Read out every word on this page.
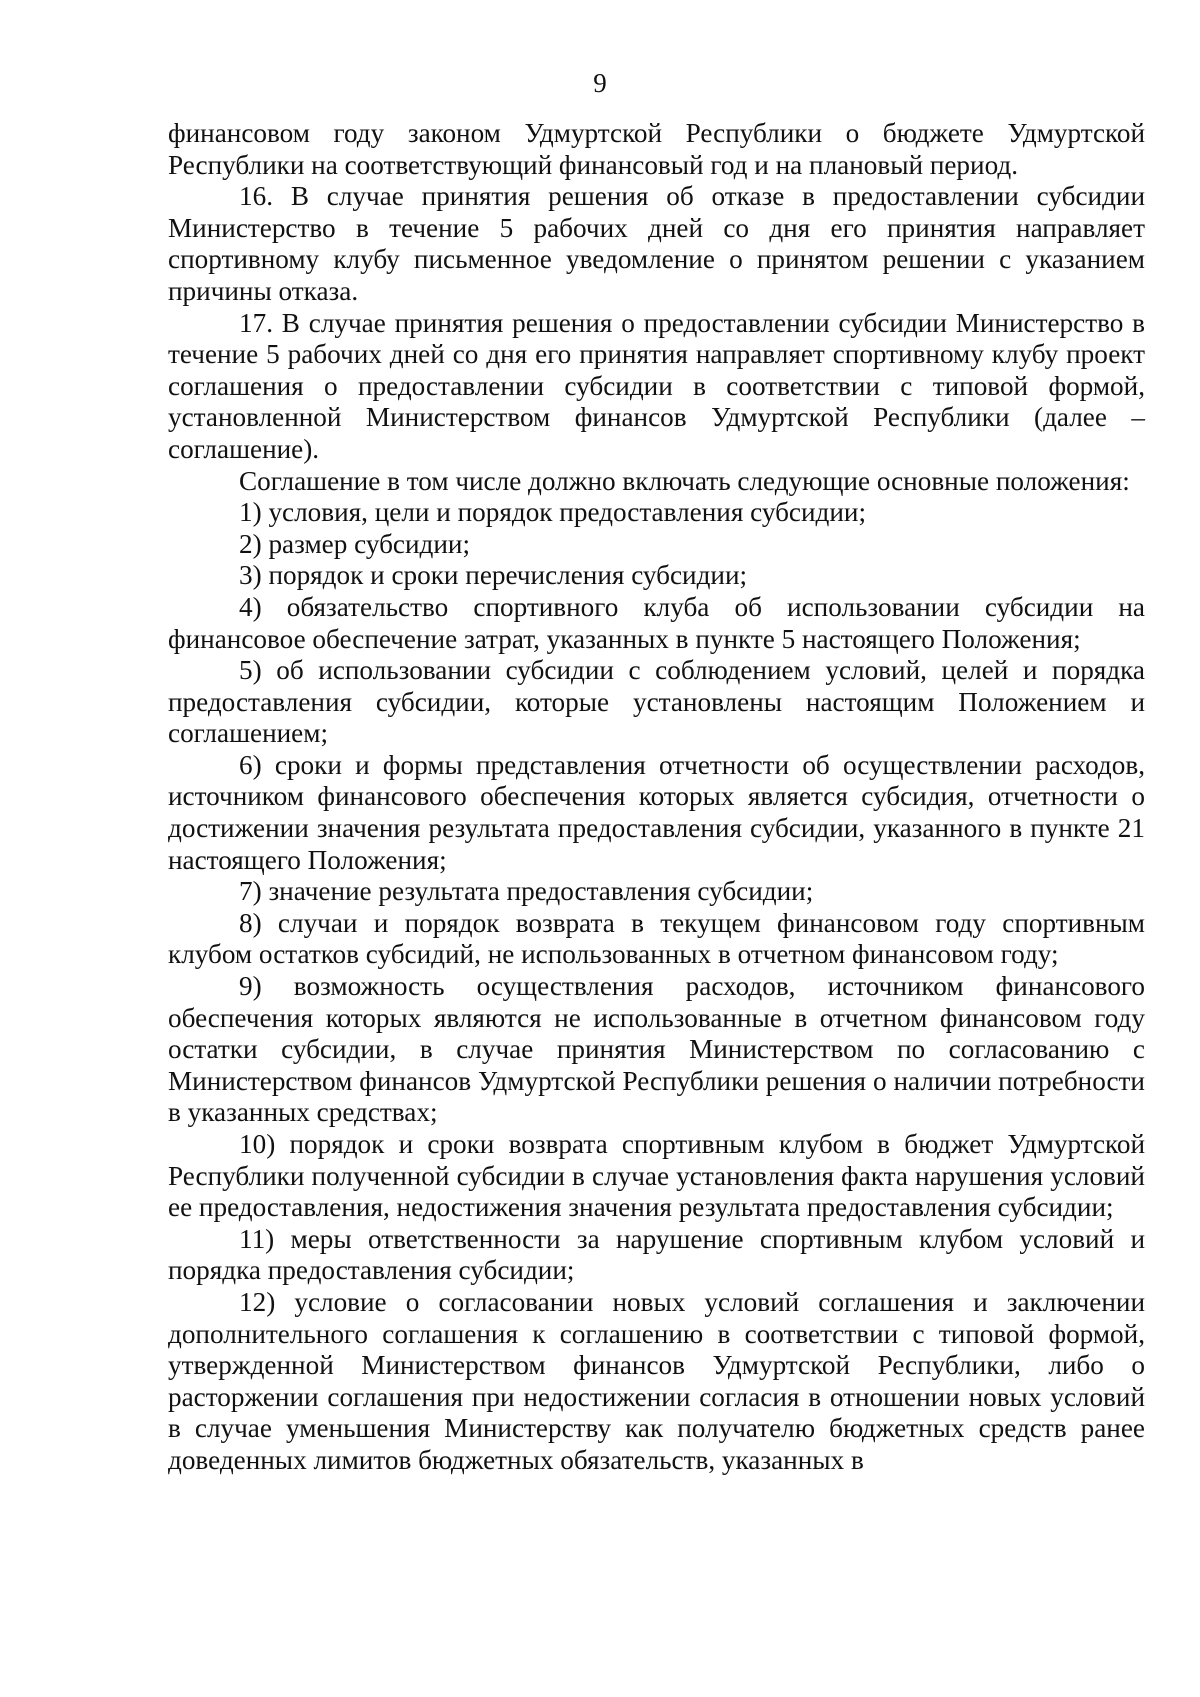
9

финансовом году законом Удмуртской Республики о бюджете Удмуртской Республики на соответствующий финансовый год и на плановый период.

16. В случае принятия решения об отказе в предоставлении субсидии Министерство в течение 5 рабочих дней со дня его принятия направляет спортивному клубу письменное уведомление о принятом решении с указанием причины отказа.

17. В случае принятия решения о предоставлении субсидии Министерство в течение 5 рабочих дней со дня его принятия направляет спортивному клубу проект соглашения о предоставлении субсидии в соответствии с типовой формой, установленной Министерством финансов Удмуртской Республики (далее – соглашение).

Соглашение в том числе должно включать следующие основные положения:

1) условия, цели и порядок предоставления субсидии;

2) размер субсидии;

3) порядок и сроки перечисления субсидии;

4) обязательство спортивного клуба об использовании субсидии на финансовое обеспечение затрат, указанных в пункте 5 настоящего Положения;

5) об использовании субсидии с соблюдением условий, целей и порядка предоставления субсидии, которые установлены настоящим Положением и соглашением;

6) сроки и формы представления отчетности об осуществлении расходов, источником финансового обеспечения которых является субсидия, отчетности о достижении значения результата предоставления субсидии, указанного в пункте 21 настоящего Положения;

7) значение результата предоставления субсидии;

8) случаи и порядок возврата в текущем финансовом году спортивным клубом остатков субсидий, не использованных в отчетном финансовом году;

9) возможность осуществления расходов, источником финансового обеспечения которых являются не использованные в отчетном финансовом году остатки субсидии, в случае принятия Министерством по согласованию с Министерством финансов Удмуртской Республики решения о наличии потребности в указанных средствах;

10) порядок и сроки возврата спортивным клубом в бюджет Удмуртской Республики полученной субсидии в случае установления факта нарушения условий ее предоставления, недостижения значения результата предоставления субсидии;

11) меры ответственности за нарушение спортивным клубом условий и порядка предоставления субсидии;

12) условие о согласовании новых условий соглашения и заключении дополнительного соглашения к соглашению в соответствии с типовой формой, утвержденной Министерством финансов Удмуртской Республики, либо о расторжении соглашения при недостижении согласия в отношении новых условий в случае уменьшения Министерству как получателю бюджетных средств ранее доведенных лимитов бюджетных обязательств, указанных в
